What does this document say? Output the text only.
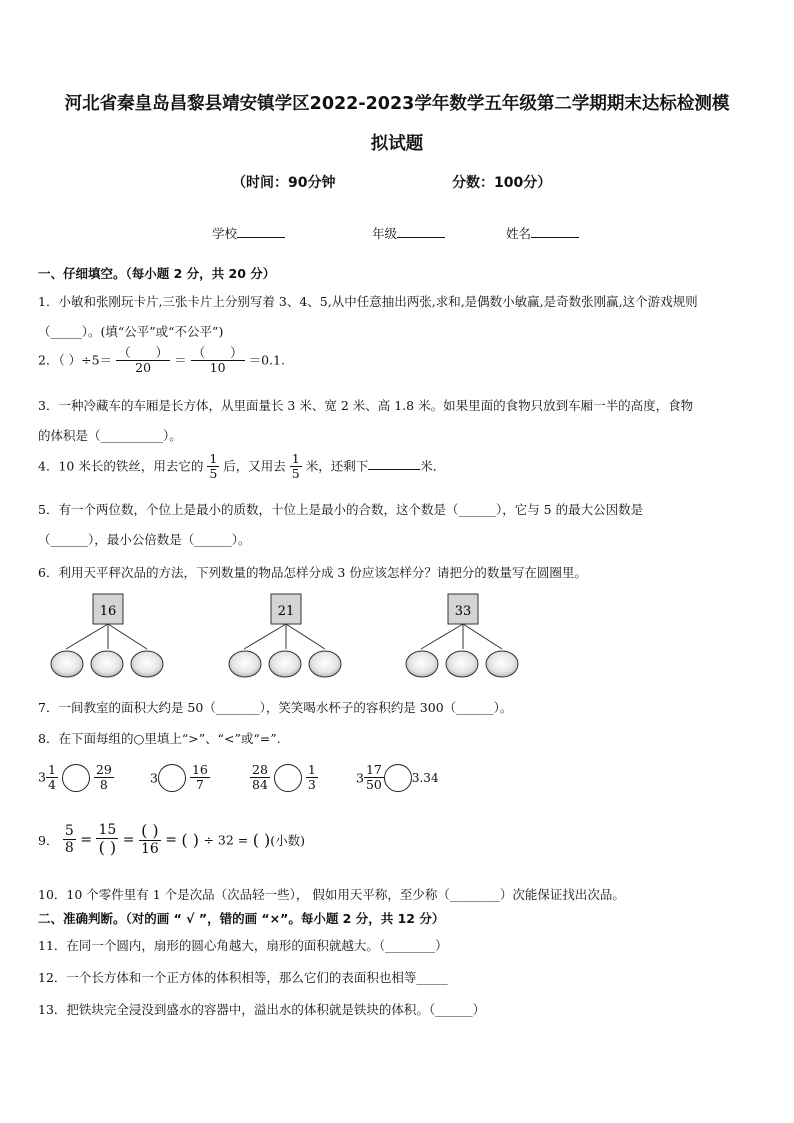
河北省秦皇岛昌黎县靖安镇学区2022-2023学年数学五年级第二学期期末达标检测模
拟试题
（时间：90分钟	分数：100分）
学校	年级	姓名
一、仔细填空。（每小题 2 分，共 20 分）
1．小敏和张刚玩卡片,三张卡片上分别写着 3、4、5,从中任意抽出两张,求和,是偶数小敏赢,是奇数张刚赢,这个游戏规则
（_____）。(填“公平”或“不公平”)
2．（ ）$\div 5= \frac{( )}{20} = \frac{( )}{10} =0.1$.
3．一种冷藏车的车厢是长方体，从里面量长 3 米、宽 2 米、高 1.8 米。如果里面的食物只放到车厢一半的高度，食物
的体积是（__________）。
4．10 米长的铁丝，用去它的 $\frac{1}{5}$ 后，又用去 $\frac{1}{5}$ 米，还剩下	米．
5．有一个两位数，个位上是最小的质数，十位上是最小的合数，这个数是（______），它与 5 的最大公因数是
（______），最小公倍数是（______）。
6．利用天平秤次品的方法，下列数量的物品怎样分成 3 份应该怎样分？请把分的数量写在圆圈里。
16	21	33
7．一间教室的面积大约是 50（_______），笑笑喝水杯子的容积约是 300（______）。
8．在下面每组的○里填上“>”、“<”或“=”.
$3 \frac{1}{4}$
	$\frac{29}{8}$	3	$\frac{16}{7}$	$\frac{28}{84}$
	$\frac{1}{3}$	$3 \frac{17}{50} 3.34$
9． $\frac{5}{8} = \frac{15}{( )} = \frac{( )}{16}$ = ( ) ÷ 32 = ( )(小数)
10．10 个零件里有 1 个是次品（次品轻一些）， 假如用天平称，至少称（________）次能保证找出次品。
二、准确判断。（对的画 “ √ ”，错的画 “×”。每小题 2 分，共 12 分）
11．在同一个圆内，扇形的圆心角越大，扇形的面积就越大。（________）
12．一个长方体和一个正方体的体积相等，那么它们的表面积也相等_____
13．把铁块完全浸没到盛水的容器中，溢出水的体积就是铁块的体积。（______）
